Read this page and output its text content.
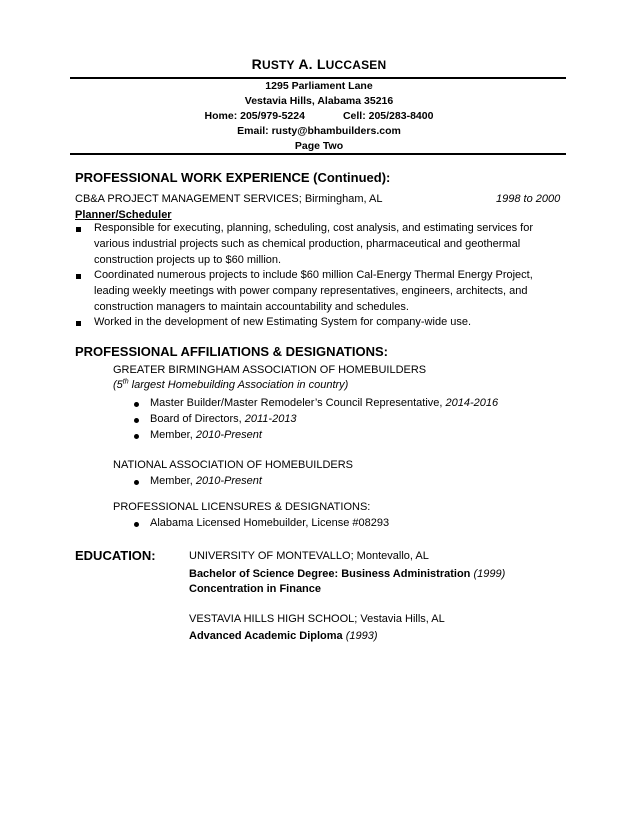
RUSTY A. LUCCASEN
1295 Parliament Lane
Vestavia Hills, Alabama 35216
Home: 205/979-5224	Cell: 205/283-8400
Email: rusty@bhambuilders.com
Page Two
PROFESSIONAL WORK EXPERIENCE (Continued):
CB&A PROJECT MANAGEMENT SERVICES; Birmingham, AL	1998 to 2000
Planner/Scheduler
Responsible for executing, planning, scheduling, cost analysis, and estimating services for
various industrial projects such as chemical production, pharmaceutical and geothermal
construction projects up to $60 million.
Coordinated numerous projects to include $60 million Cal-Energy Thermal Energy Project,
leading weekly meetings with power company representatives, engineers, architects, and
construction managers to maintain accountability and schedules.
Worked in the development of new Estimating System for company-wide use.
PROFESSIONAL AFFILIATIONS & DESIGNATIONS:
GREATER BIRMINGHAM ASSOCIATION OF HOMEBUILDERS
(5th largest Homebuilding Association in country)
Master Builder/Master Remodeler’s Council Representative, 2014-2016
Board of Directors, 2011-2013
Member, 2010-Present
NATIONAL ASSOCIATION OF HOMEBUILDERS
Member, 2010-Present
PROFESSIONAL LICENSURES & DESIGNATIONS:
Alabama Licensed Homebuilder, License #08293
EDUCATION:	UNIVERSITY OF MONTEVALLO; Montevallo, AL
Bachelor of Science Degree: Business Administration (1999)
Concentration in Finance
VESTAVIA HILLS HIGH SCHOOL; Vestavia Hills, AL
Advanced Academic Diploma (1993)
